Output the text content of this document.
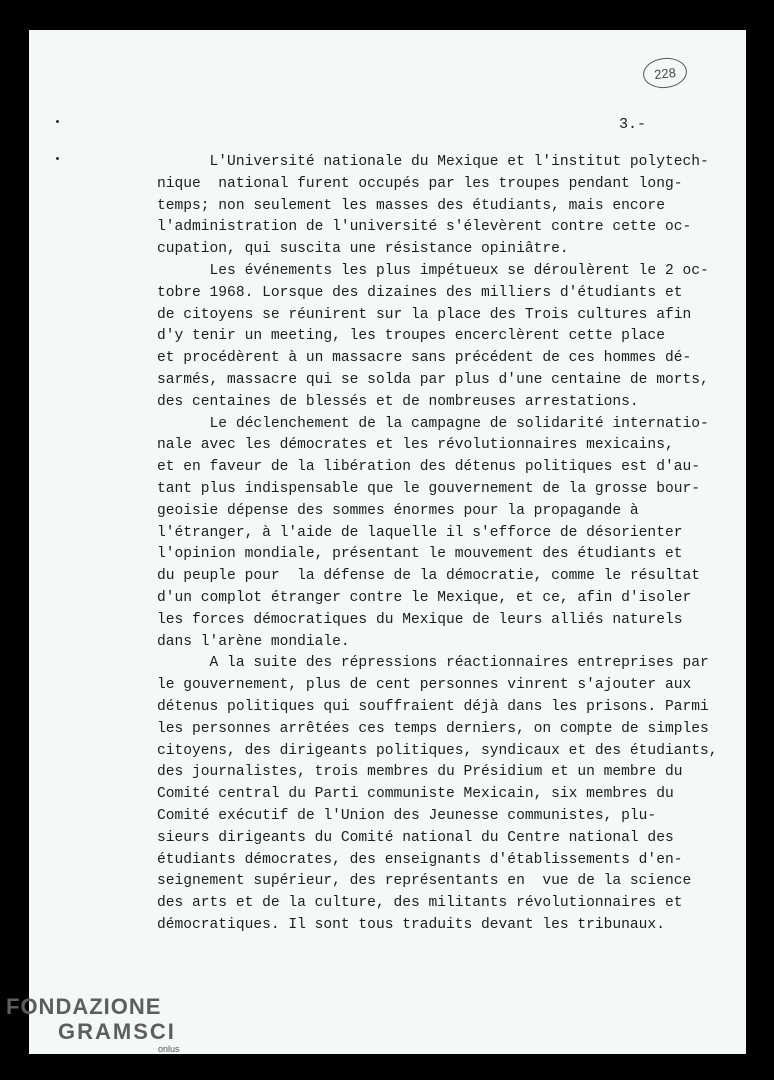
228
3.-
L'Université nationale du Mexique et l'institut polytech-
nique  national furent occupés par les troupes pendant long-
temps; non seulement les masses des étudiants, mais encore
l'administration de l'université s'élevèrent contre cette oc-
cupation, qui suscita une résistance opiniâtre.
Les événements les plus impétueux se déroulèrent le 2 oc-
tobre 1968. Lorsque des dizaines des milliers d'étudiants et
de citoyens se réunirent sur la place des Trois cultures afin
d'y tenir un meeting, les troupes encerclèrent cette place
et procédèrent à un massacre sans précédent de ces hommes dé-
sarmés, massacre qui se solda par plus d'une centaine de morts,
des centaines de blessés et de nombreuses arrestations.
Le déclenchement de la campagne de solidarité internatio-
nale avec les démocrates et les révolutionnaires mexicains,
et en faveur de la libération des détenus politiques est d'au-
tant plus indispensable que le gouvernement de la grosse bour-
geoisie dépense des sommes énormes pour la propagande à
l'étranger, à l'aide de laquelle il s'efforce de désorienter
l'opinion mondiale, présentant le mouvement des étudiants et
du peuple pour  la défense de la démocratie, comme le résultat
d'un complot étranger contre le Mexique, et ce, afin d'isoler
les forces démocratiques du Mexique de leurs alliés naturels
dans l'arène mondiale.
A la suite des répressions réactionnaires entreprises par
le gouvernement, plus de cent personnes vinrent s'ajouter aux
détenus politiques qui souffraient déjà dans les prisons. Parmi
les personnes arrêtées ces temps derniers, on compte de simples
citoyens, des dirigeants politiques, syndicaux et des étudiants,
des journalistes, trois membres du Présidium et un membre du
Comité central du Parti communiste Mexicain, six membres du
Comité exécutif de l'Union des Jeunesse communistes, plu-
sieurs dirigeants du Comité national du Centre national des
étudiants démocrates, des enseignants d'établissements d'en-
seignement supérieur, des représentants en  vue de la science
des arts et de la culture, des militants révolutionnaires et
démocratiques. Il sont tous traduits devant les tribunaux.
FONDAZIONE
GRAMSCI
onlus
